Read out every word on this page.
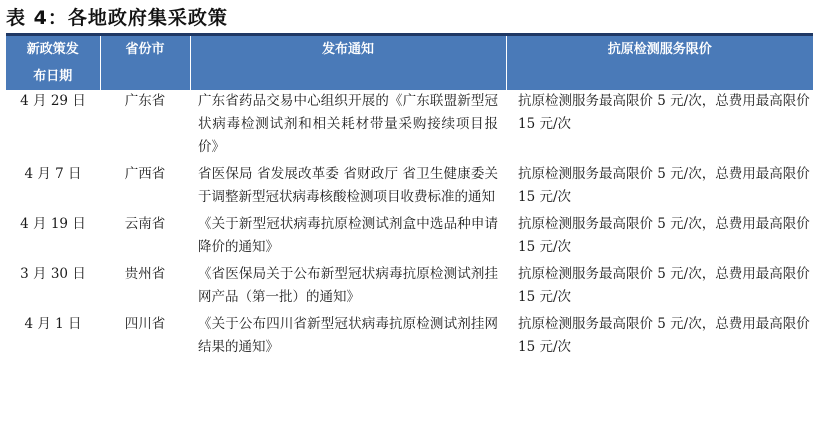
表 4：各地政府集采政策
新政策发
布日期	省份市	发布通知	抗原检测服务限价
4 月 29 日	广东省	广东省药品交易中心组织开展的《广东联盟新型冠状病毒检测试剂和相关耗材带量采购接续项目报价》	抗原检测服务最高限价 5 元/次，总费用最高限价 15 元/次

4 月 7 日	广西省	省医保局 省发展改革委 省财政厅 省卫生健康委关于调整新型冠状病毒核酸检测项目收费标准的通知	抗原检测服务最高限价 5 元/次，总费用最高限价 15 元/次

4 月 19 日	云南省	《关于新型冠状病毒抗原检测试剂盒中选品种申请降价的通知》	抗原检测服务最高限价 5 元/次，总费用最高限价 15 元/次

3 月 30 日	贵州省	《省医保局关于公布新型冠状病毒抗原检测试剂挂网产品（第一批）的通知》	抗原检测服务最高限价 5 元/次，总费用最高限价 15 元/次

4 月 1 日	四川省	《关于公布四川省新型冠状病毒抗原检测试剂挂网结果的通知》	抗原检测服务最高限价 5 元/次，总费用最高限价 15 元/次
